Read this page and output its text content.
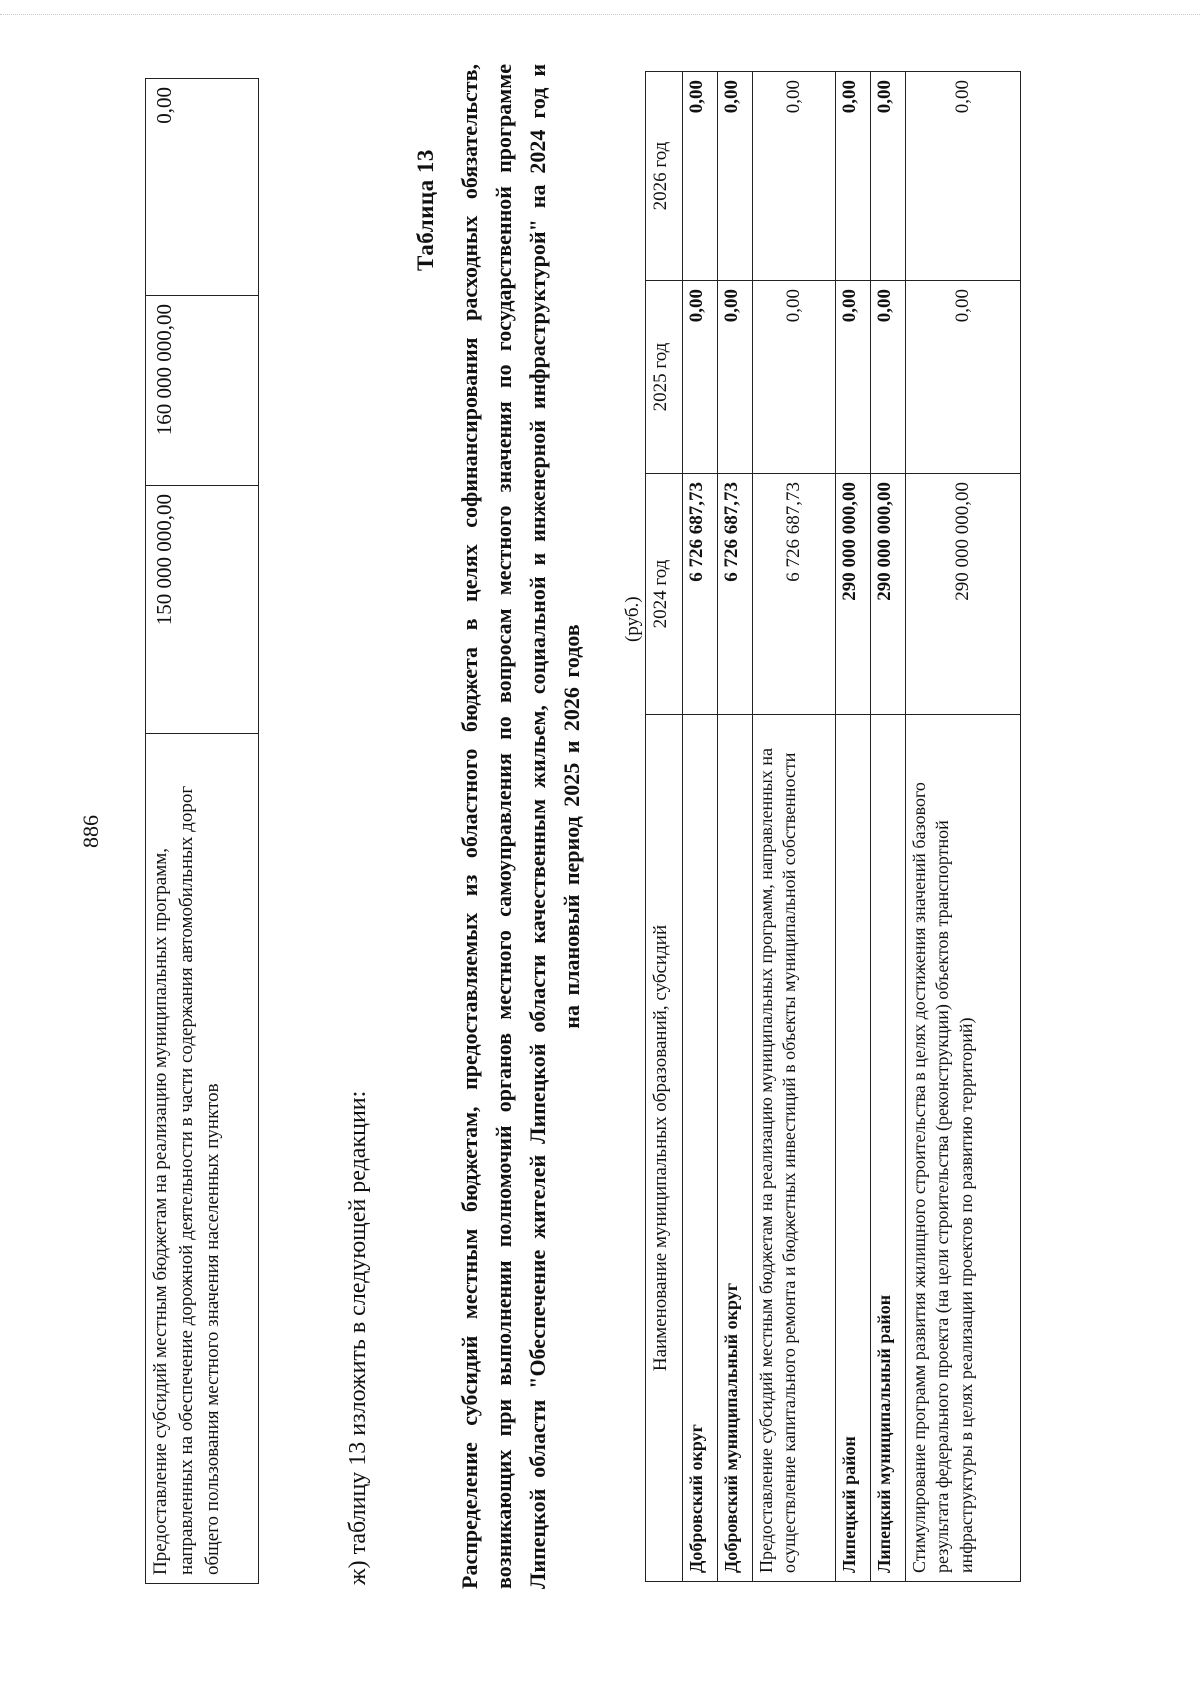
886
Предоставление субсидий местным бюджетам на реализацию муниципальных программ, направленных на обеспечение дорожной деятельности в части содержания автомобильных дорог общего пользования местного значения населенных пунктов	150 000 000,00	160 000 000,00	0,00
ж) таблицу 13 изложить в следующей редакции:
Таблица 13 Распределение субсидий местным бюджетам, предоставляемых из областного бюджета в целях софинансирования расходных обязательств, возникающих при выполнении полномочий органов местного самоуправления по вопросам местного значения по государственной программе Липецкой области "Обеспечение жителей Липецкой области качественным жильем, социальной и инженерной инфраструктурой" на 2024 год и на плановый период 2025 и 2026 годов
(руб.)
Наименование муниципальных образований, субсидий	2024 год	2025 год	2026 год
Добровский округ	6 726 687,73	0,00	0,00
Добровский муниципальный округ	6 726 687,73	0,00	0,00
Предоставление субсидий местным бюджетам на реализацию муниципальных программ, направленных на осуществление капитального ремонта и бюджетных инвестиций в объекты муниципальной собственности	6 726 687,73	0,00	0,00
Липецкий район	290 000 000,00	0,00	0,00
Липецкий муниципальный район	290 000 000,00	0,00	0,00
Стимулирование программ развития жилищного строительства в целях достижения значений базового результата федерального проекта (на цели строительства (реконструкции) объектов транспортной инфраструктуры в целях реализации проектов по развитию территорий)	290 000 000,00	0,00	0,00
